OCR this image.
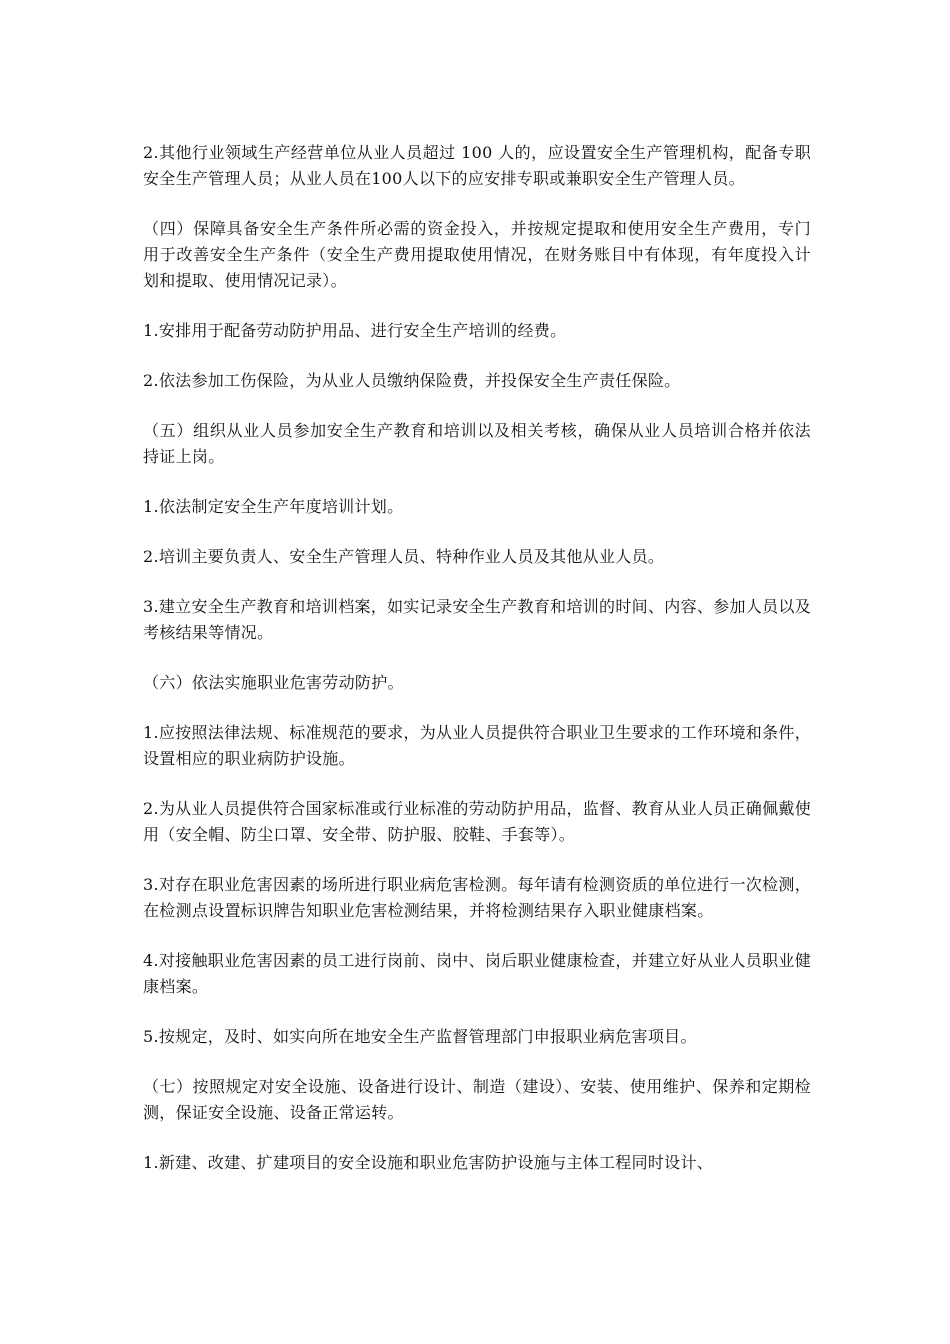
2.其他行业领域生产经营单位从业人员超过 100 人的，应设置安全生产管理机构，配备专职安全生产管理人员；从业人员在100人以下的应安排专职或兼职安全生产管理人员。

（四）保障具备安全生产条件所必需的资金投入，并按规定提取和使用安全生产费用，专门用于改善安全生产条件（安全生产费用提取使用情况，在财务账目中有体现，有年度投入计划和提取、使用情况记录）。

1.安排用于配备劳动防护用品、进行安全生产培训的经费。

2.依法参加工伤保险，为从业人员缴纳保险费，并投保安全生产责任保险。

（五）组织从业人员参加安全生产教育和培训以及相关考核，确保从业人员培训合格并依法持证上岗。

1.依法制定安全生产年度培训计划。

2.培训主要负责人、安全生产管理人员、特种作业人员及其他从业人员。

3.建立安全生产教育和培训档案，如实记录安全生产教育和培训的时间、内容、参加人员以及考核结果等情况。

（六）依法实施职业危害劳动防护。

1.应按照法律法规、标准规范的要求，为从业人员提供符合职业卫生要求的工作环境和条件，设置相应的职业病防护设施。

2.为从业人员提供符合国家标准或行业标准的劳动防护用品，监督、教育从业人员正确佩戴使用（安全帽、防尘口罩、安全带、防护服、胶鞋、手套等）。

3.对存在职业危害因素的场所进行职业病危害检测。每年请有检测资质的单位进行一次检测，在检测点设置标识牌告知职业危害检测结果，并将检测结果存入职业健康档案。

4.对接触职业危害因素的员工进行岗前、岗中、岗后职业健康检查，并建立好从业人员职业健康档案。

5.按规定，及时、如实向所在地安全生产监督管理部门申报职业病危害项目。

（七）按照规定对安全设施、设备进行设计、制造（建设）、安装、使用维护、保养和定期检测，保证安全设施、设备正常运转。

1.新建、改建、扩建项目的安全设施和职业危害防护设施与主体工程同时设计、
